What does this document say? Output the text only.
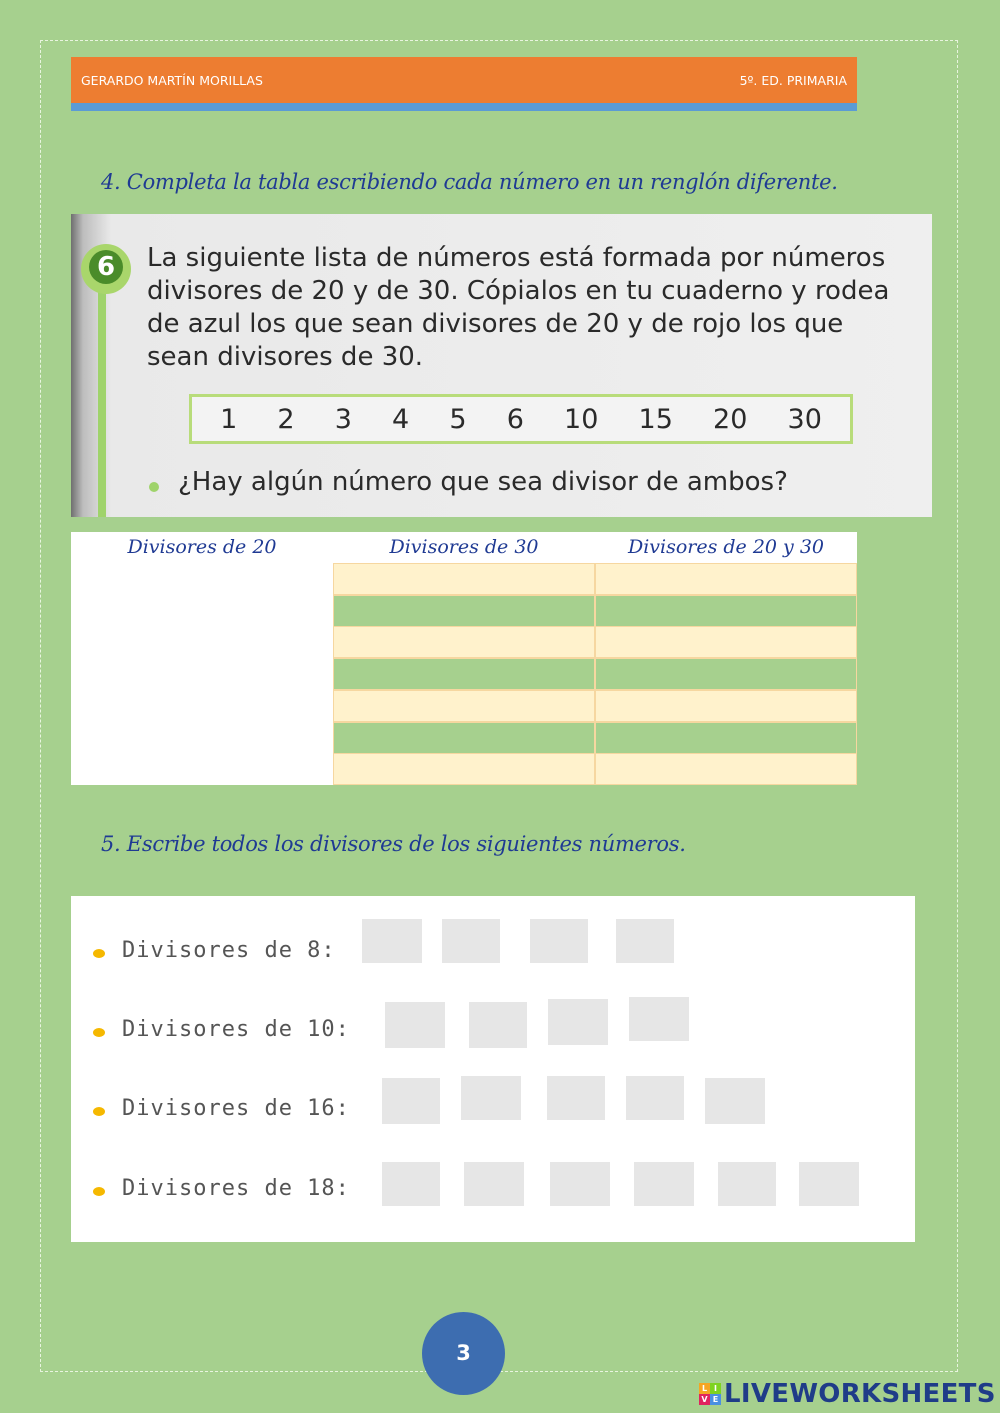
GERARDO MARTÍN MORILLAS	5º. ED. PRIMARIA
4. Completa la tabla escribiendo cada número en un renglón diferente.
6	La siguiente lista de números está formada por números divisores de 20 y de 30. Cópialos en tu cuaderno y rodea de azul los que sean divisores de 20 y de rojo los que sean divisores de 30.
1 2 3 4 5 6 10 15 20 30
¿Hay algún número que sea divisor de ambos?
Divisores de 20	Divisores de 30	Divisores de 20 y 30
5. Escribe todos los divisores de los siguientes números.
Divisores de 8:
Divisores de 10:
Divisores de 16:
Divisores de 18:
3
L I
V E LIVEWORKSHEETS
